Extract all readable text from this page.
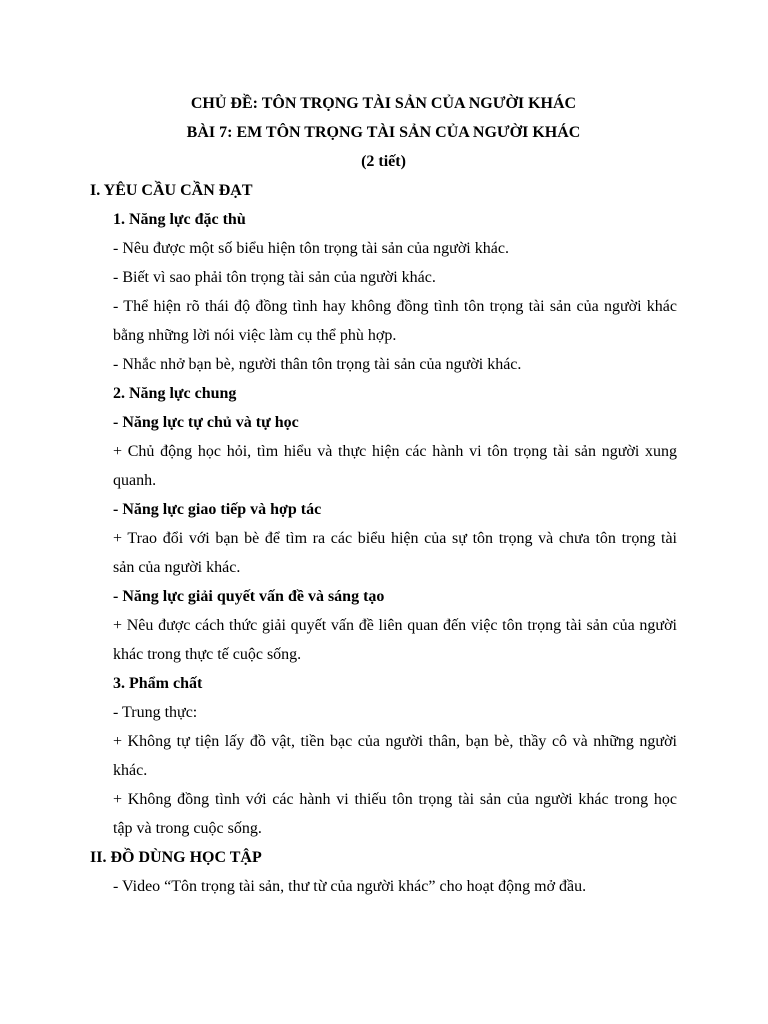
CHỦ ĐỀ: TÔN TRỌNG TÀI SẢN CỦA NGƯỜI KHÁC
BÀI 7: EM TÔN TRỌNG TÀI SẢN CỦA NGƯỜI KHÁC
(2 tiết)
I. YÊU CẦU CẦN ĐẠT
1. Năng lực đặc thù
- Nêu được một số biểu hiện tôn trọng tài sản của người khác.
- Biết vì sao phải tôn trọng tài sản của người khác.
- Thể hiện rõ thái độ đồng tình hay không đồng tình tôn trọng tài sản của người khác
bằng những lời nói việc làm cụ thể phù hợp.
- Nhắc nhở bạn bè, người thân tôn trọng tài sản của người khác.
2. Năng lực chung
- Năng lực tự chủ và tự học
+ Chủ động học hỏi, tìm hiểu và thực hiện các hành vi tôn trọng tài sản người xung
quanh.
- Năng lực giao tiếp và hợp tác
+ Trao đổi với bạn bè để tìm ra các biểu hiện của sự tôn trọng và chưa tôn trọng tài
sản của người khác.
- Năng lực giải quyết vấn đề và sáng tạo
+ Nêu được cách thức giải quyết vấn đề liên quan đến việc tôn trọng tài sản của người
khác trong thực tế cuộc sống.
3. Phẩm chất
- Trung thực:
+ Không tự tiện lấy đồ vật, tiền bạc của người thân, bạn bè, thầy cô và những người
khác.
+ Không đồng tình với các hành vi thiếu tôn trọng tài sản của người khác trong học
tập và trong cuộc sống.
II. ĐỒ DÙNG HỌC TẬP
- Video “Tôn trọng tài sản, thư từ của người khác” cho hoạt động mở đầu.
